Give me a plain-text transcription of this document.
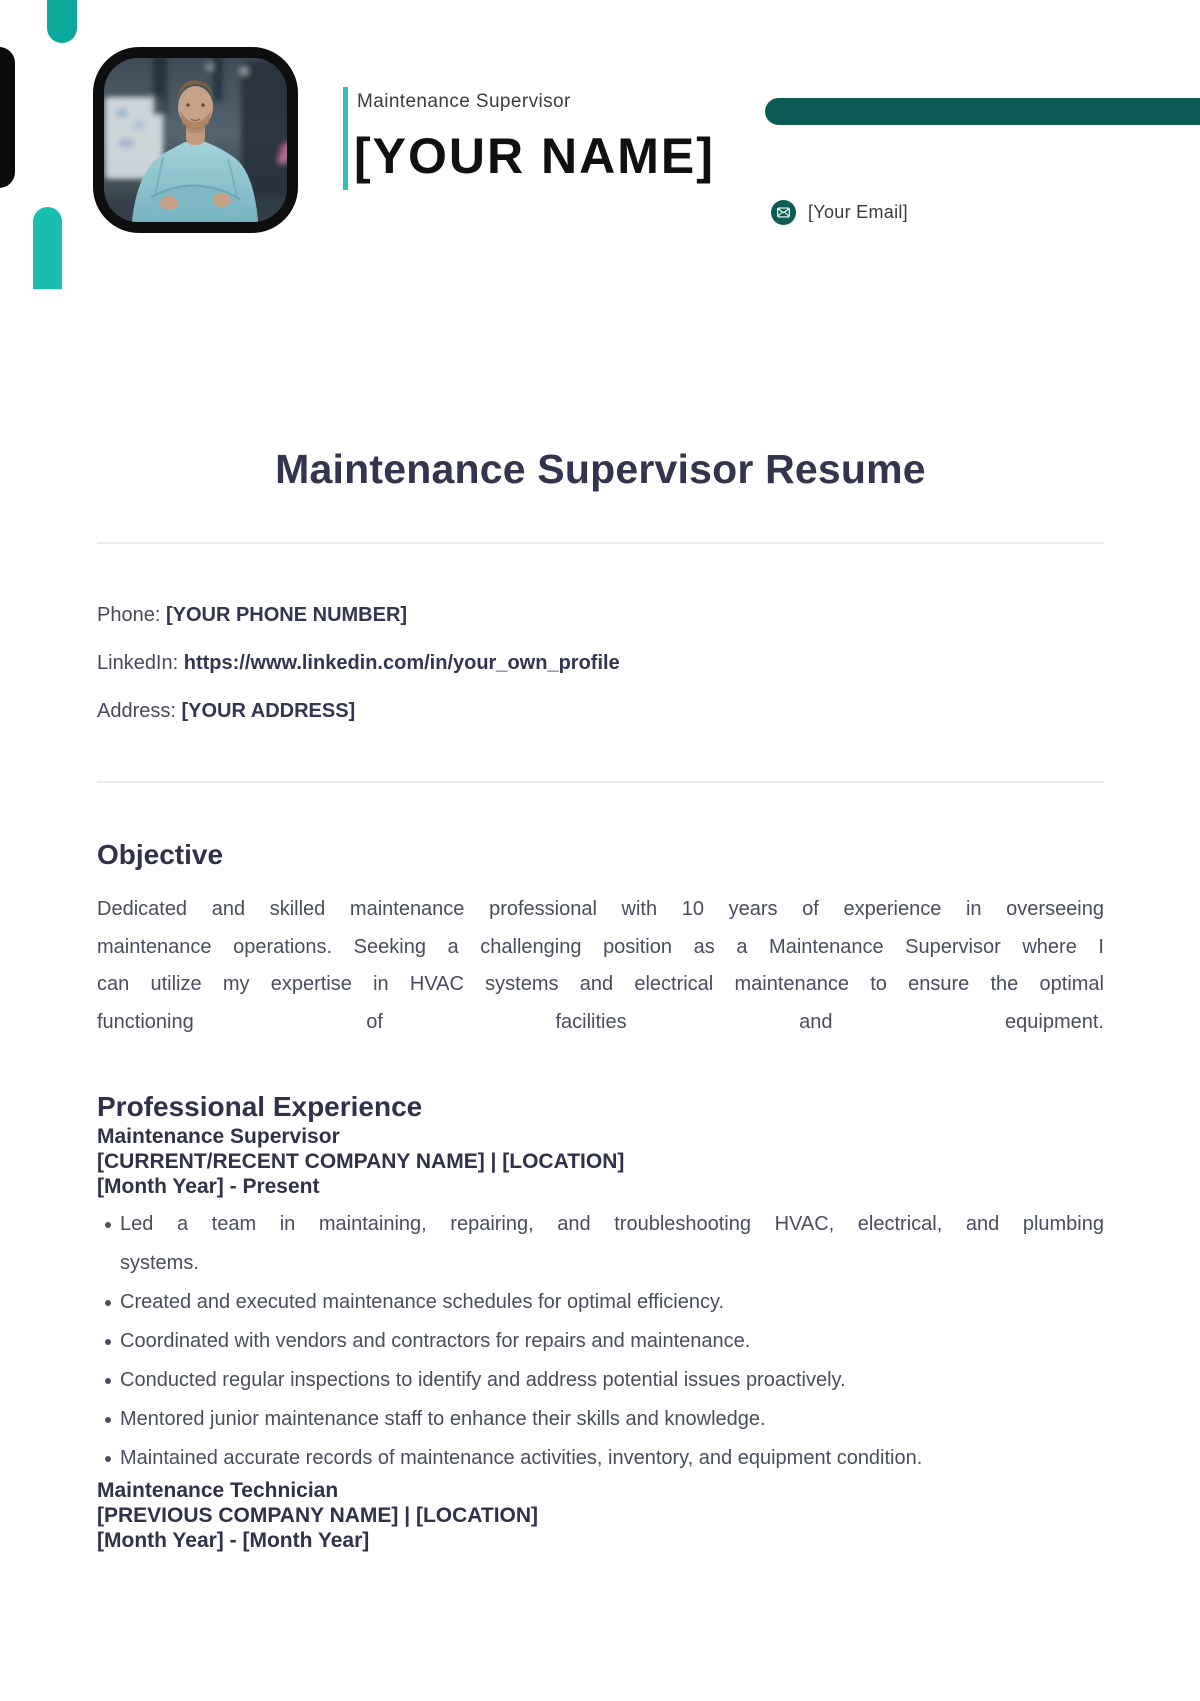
Maintenance Supervisor
[YOUR NAME]
[Your Email]
Maintenance Supervisor Resume
Phone: [YOUR PHONE NUMBER]
LinkedIn: https://www.linkedin.com/in/your_own_profile
Address: [YOUR ADDRESS]
Objective
Dedicated and skilled maintenance professional with 10 years of experience in overseeing
maintenance operations. Seeking a challenging position as a Maintenance Supervisor where I
can utilize my expertise in HVAC systems and electrical maintenance to ensure the optimal
functioning of facilities and equipment.
Professional Experience
Maintenance Supervisor
[CURRENT/RECENT COMPANY NAME] | [LOCATION]
[Month Year] - Present
Led a team in maintaining, repairing, and troubleshooting HVAC, electrical, and plumbing
systems.
Created and executed maintenance schedules for optimal efficiency.
Coordinated with vendors and contractors for repairs and maintenance.
Conducted regular inspections to identify and address potential issues proactively.
Mentored junior maintenance staff to enhance their skills and knowledge.
Maintained accurate records of maintenance activities, inventory, and equipment condition.
Maintenance Technician
[PREVIOUS COMPANY NAME] | [LOCATION]
[Month Year] - [Month Year]
